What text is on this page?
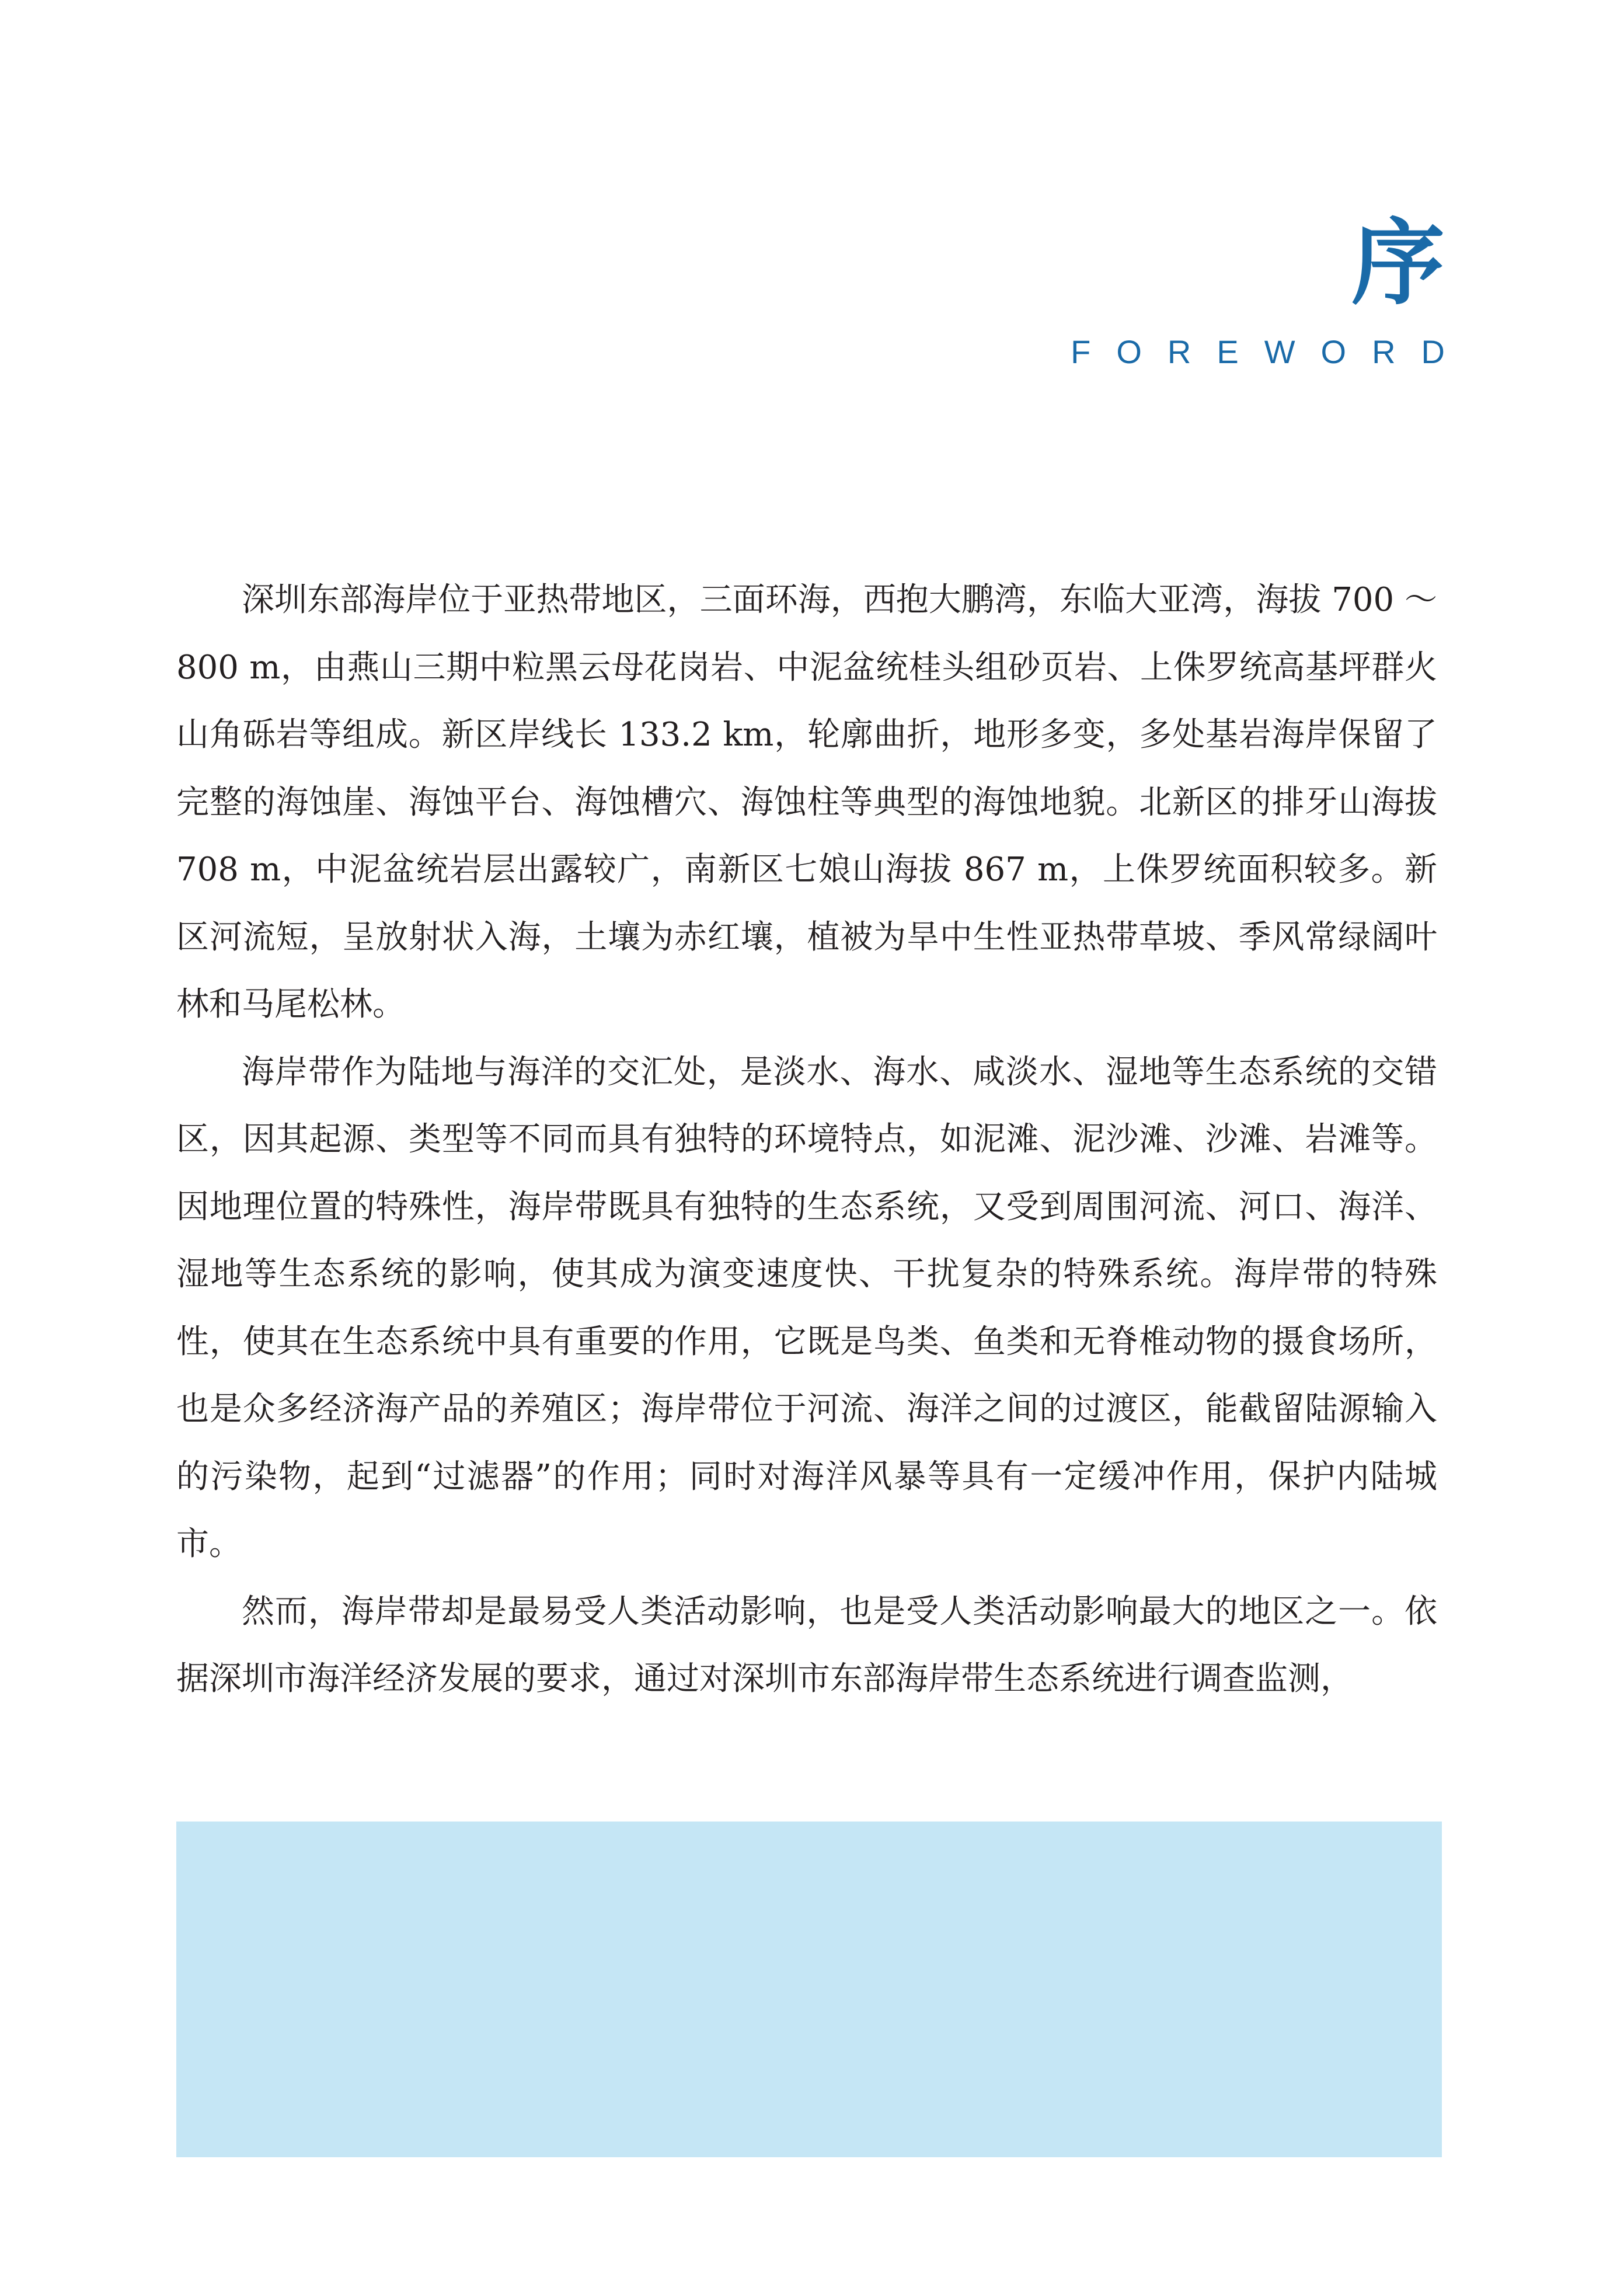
序
FOREWORD

深圳东部海岸位于亚热带地区，三面环海，西抱大鹏湾，东临大亚湾，海拔 700 ～ 800 m，由燕山三期中粒黑云母花岗岩、中泥盆统桂头组砂页岩、上侏罗统高基坪群火山角砾岩等组成。新区岸线长 133.2 km，轮廓曲折，地形多变，多处基岩海岸保留了完整的海蚀崖、海蚀平台、海蚀槽穴、海蚀柱等典型的海蚀地貌。北新区的排牙山海拔 708 m，中泥盆统岩层出露较广，南新区七娘山海拔 867 m，上侏罗统面积较多。新区河流短，呈放射状入海，土壤为赤红壤，植被为旱中生性亚热带草坡、季风常绿阔叶林和马尾松林。

海岸带作为陆地与海洋的交汇处，是淡水、海水、咸淡水、湿地等生态系统的交错区，因其起源、类型等不同而具有独特的环境特点，如泥滩、泥沙滩、沙滩、岩滩等。因地理位置的特殊性，海岸带既具有独特的生态系统，又受到周围河流、河口、海洋、湿地等生态系统的影响，使其成为演变速度快、干扰复杂的特殊系统。海岸带的特殊性，使其在生态系统中具有重要的作用，它既是鸟类、鱼类和无脊椎动物的摄食场所，也是众多经济海产品的养殖区；海岸带位于河流、海洋之间的过渡区，能截留陆源输入的污染物，起到“过滤器”的作用；同时对海洋风暴等具有一定缓冲作用，保护内陆城市。

然而，海岸带却是最易受人类活动影响，也是受人类活动影响最大的地区之一。依据深圳市海洋经济发展的要求，通过对深圳市东部海岸带生态系统进行调查监测，
